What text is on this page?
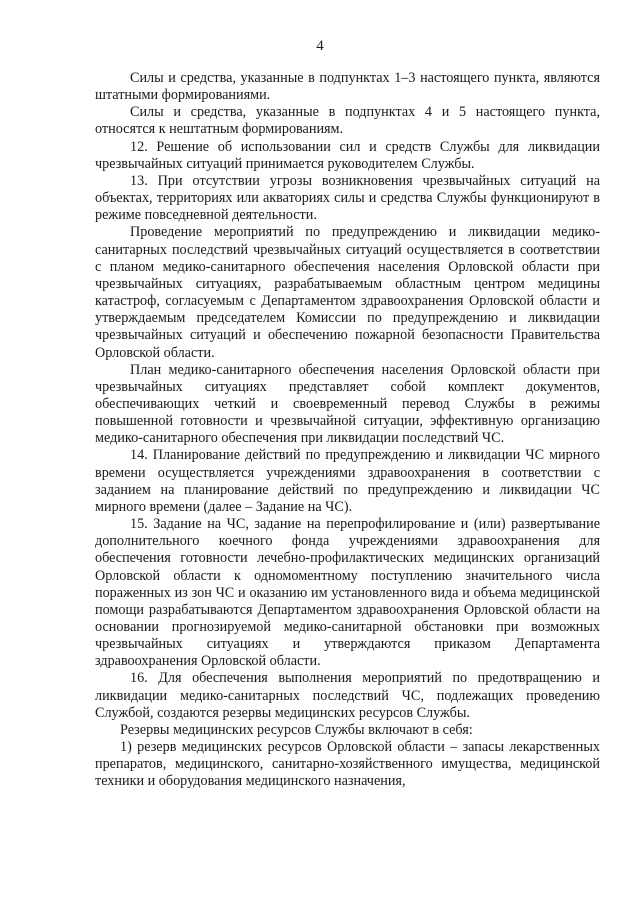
4

Силы и средства, указанные в подпунктах 1–3 настоящего пункта, являются штатными формированиями.

Силы и средства, указанные в подпунктах 4 и 5 настоящего пункта, относятся к нештатным формированиям.

12. Решение об использовании сил и средств Службы для ликвидации чрезвычайных ситуаций принимается руководителем Службы.

13. При отсутствии угрозы возникновения чрезвычайных ситуаций на объектах, территориях или акваториях силы и средства Службы функционируют в режиме повседневной деятельности.

Проведение мероприятий по предупреждению и ликвидации медико-санитарных последствий чрезвычайных ситуаций осуществляется в соответствии с планом медико-санитарного обеспечения населения Орловской области при чрезвычайных ситуациях, разрабатываемым областным центром медицины катастроф, согласуемым с Департаментом здравоохранения Орловской области и утверждаемым председателем Комиссии по предупреждению и ликвидации чрезвычайных ситуаций и обеспечению пожарной безопасности Правительства Орловской области.

План медико-санитарного обеспечения населения Орловской области при чрезвычайных ситуациях представляет собой комплект документов, обеспечивающих четкий и своевременный перевод Службы в режимы повышенной готовности и чрезвычайной ситуации, эффективную организацию медико-санитарного обеспечения при ликвидации последствий ЧС.

14. Планирование действий по предупреждению и ликвидации ЧС мирного времени осуществляется учреждениями здравоохранения в соответствии с заданием на планирование действий по предупреждению и ликвидации ЧС мирного времени (далее – Задание на ЧС).

15. Задание на ЧС, задание на перепрофилирование и (или) развертывание дополнительного коечного фонда учреждениями здравоохранения для обеспечения готовности лечебно-профилактических медицинских организаций Орловской области к одномоментному поступлению значительного числа пораженных из зон ЧС и оказанию им установленного вида и объема медицинской помощи разрабатываются Департаментом здравоохранения Орловской области на основании прогнозируемой медико-санитарной обстановки при возможных чрезвычайных ситуациях и утверждаются приказом Департамента здравоохранения Орловской области.

16. Для обеспечения выполнения мероприятий по предотвращению и ликвидации медико-санитарных последствий ЧС, подлежащих проведению Службой, создаются резервы медицинских ресурсов Службы.

Резервы медицинских ресурсов Службы включают в себя:

1) резерв медицинских ресурсов Орловской области – запасы лекарственных препаратов, медицинского, санитарно-хозяйственного имущества, медицинской техники и оборудования медицинского назначения,
